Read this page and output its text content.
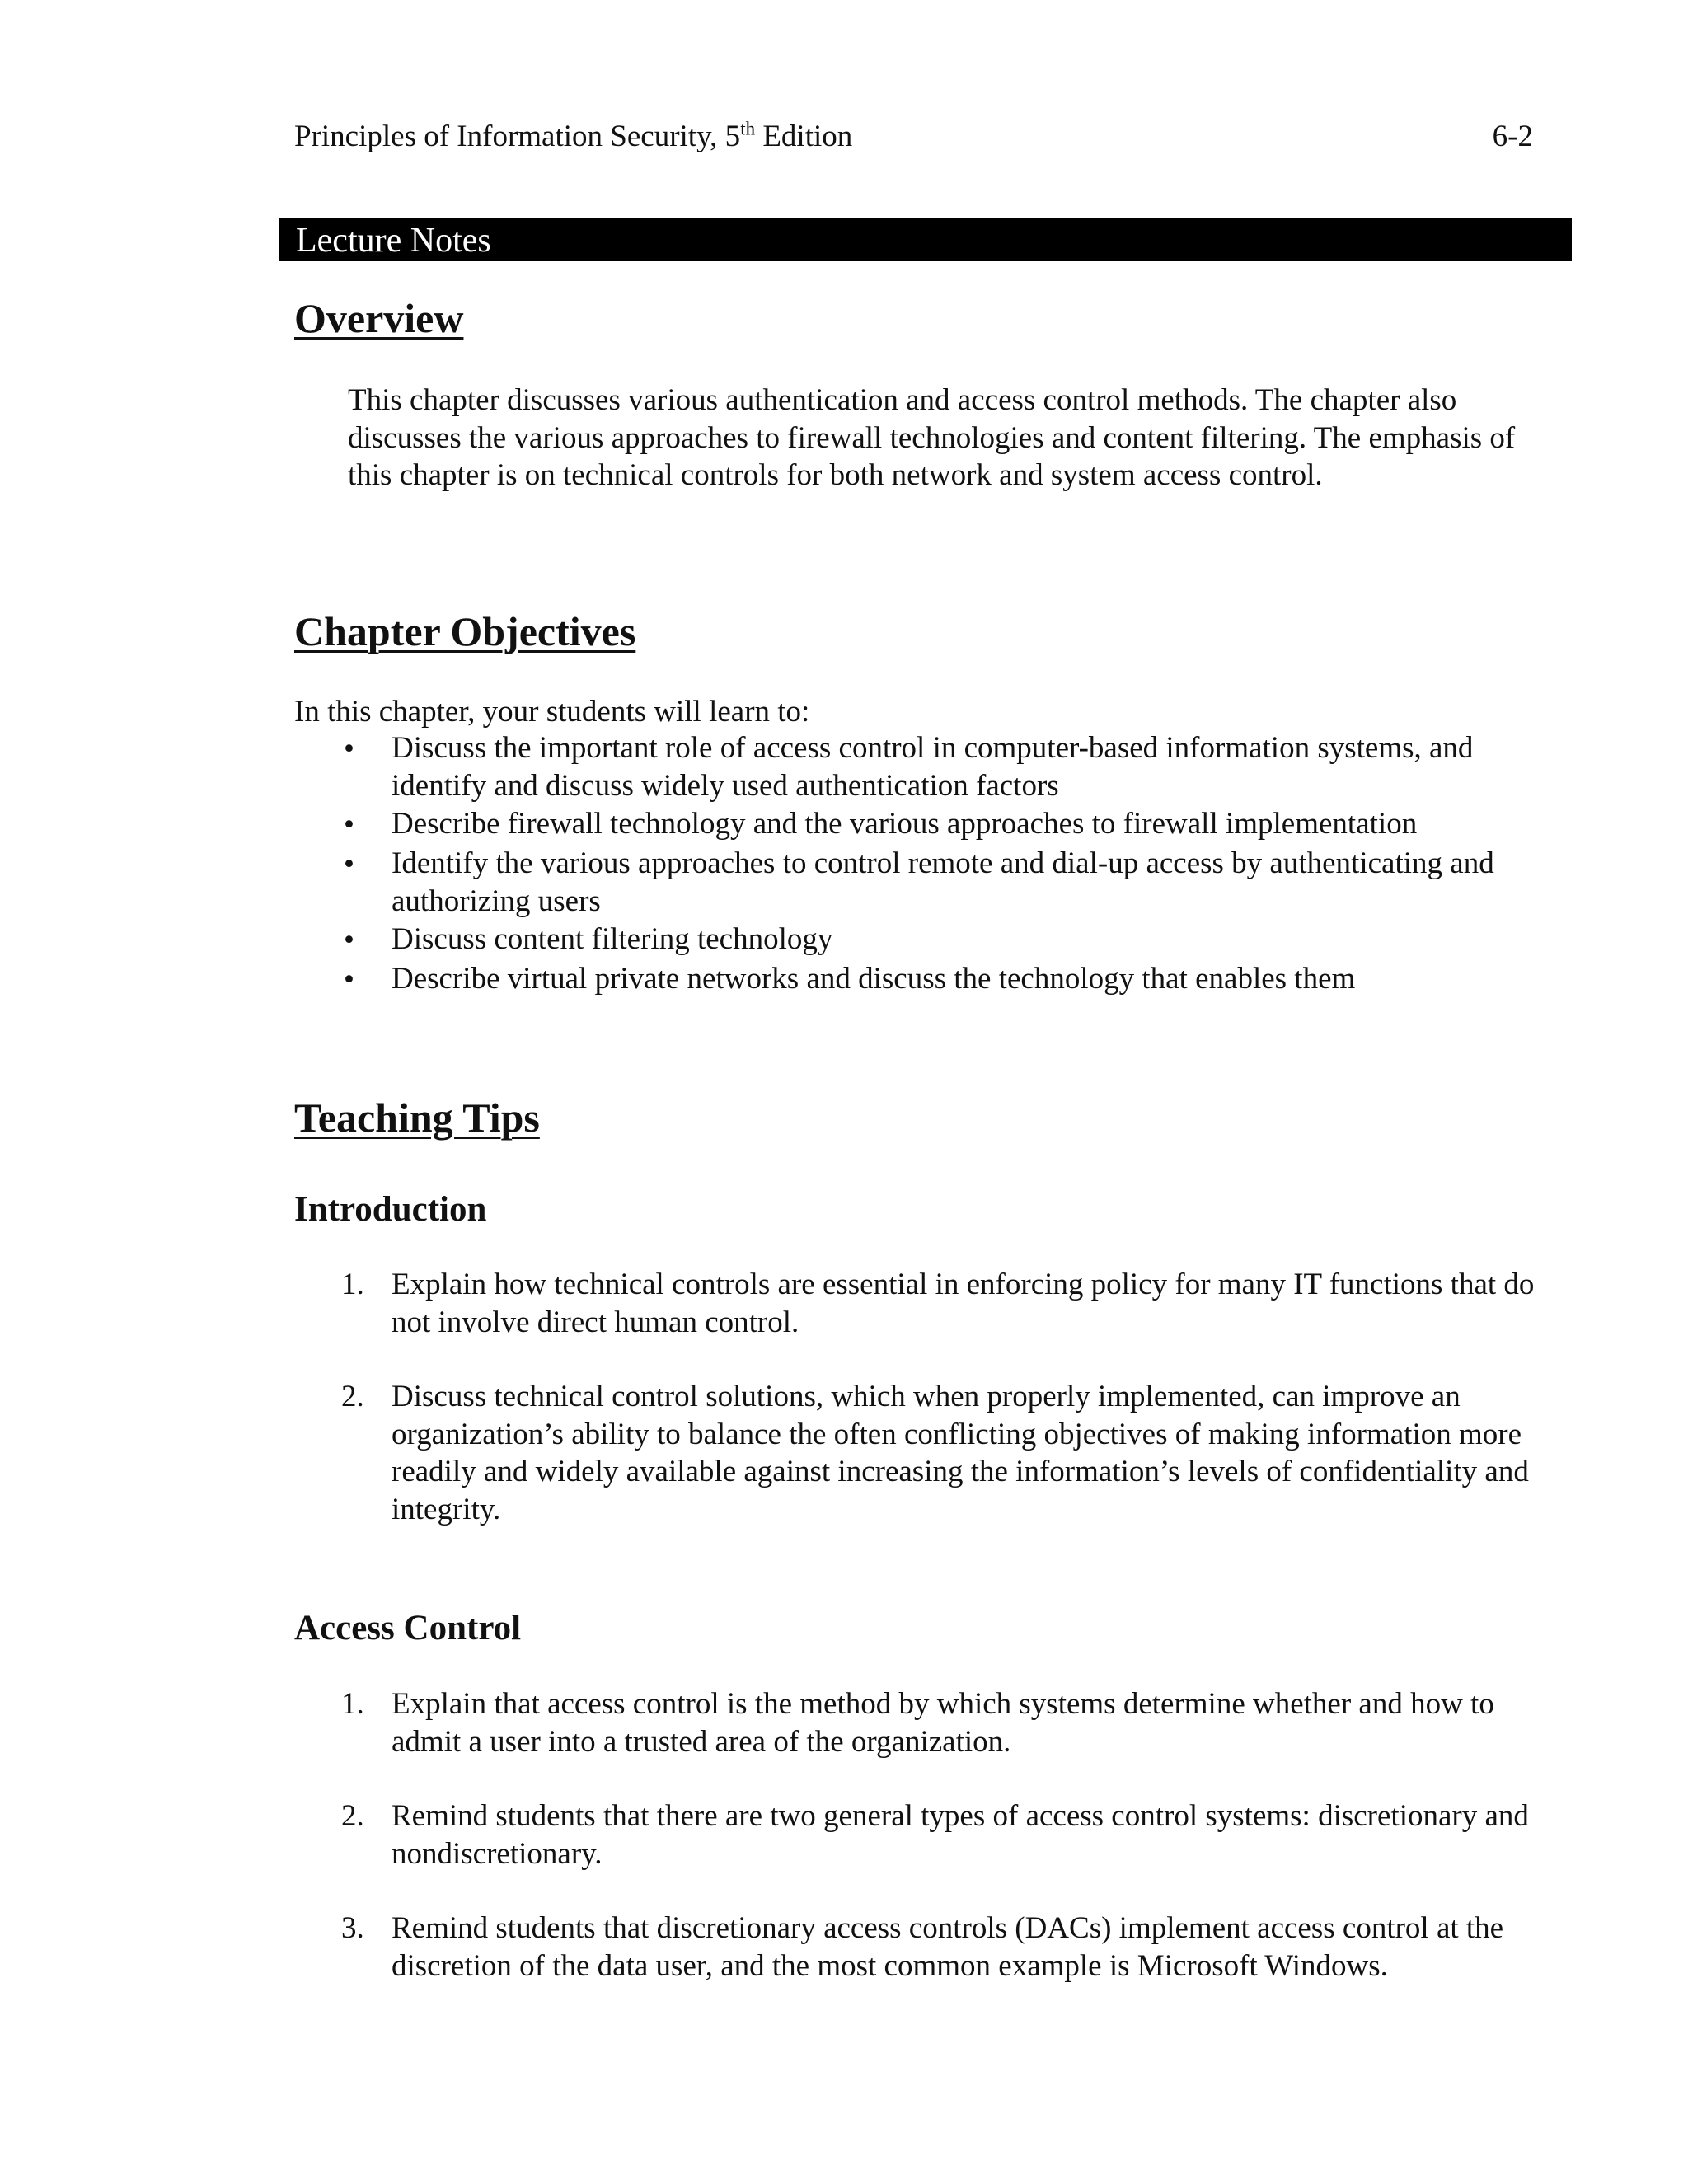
Principles of Information Security, 5th Edition	6-2
Lecture Notes
Overview

This chapter discusses various authentication and access control methods. The chapter also discusses the various approaches to firewall technologies and content filtering. The emphasis of this chapter is on technical controls for both network and system access control.

Chapter Objectives

In this chapter, your students will learn to:

•	Discuss the important role of access control in computer-based information systems, and identify and discuss widely used authentication factors
•	Describe firewall technology and the various approaches to firewall implementation
•	Identify the various approaches to control remote and dial-up access by authenticating and authorizing users
•	Discuss content filtering technology
•	Describe virtual private networks and discuss the technology that enables them
Teaching Tips
Introduction
1. Explain how technical controls are essential in enforcing policy for many IT functions that do not involve direct human control.
2. Discuss technical control solutions, which when properly implemented, can improve an organization’s ability to balance the often conflicting objectives of making information more readily and widely available against increasing the information’s levels of confidentiality and integrity.
Access Control
1. Explain that access control is the method by which systems determine whether and how to admit a user into a trusted area of the organization.
2. Remind students that there are two general types of access control systems: discretionary and nondiscretionary.
3. Remind students that discretionary access controls (DACs) implement access control at the discretion of the data user, and the most common example is Microsoft Windows.
